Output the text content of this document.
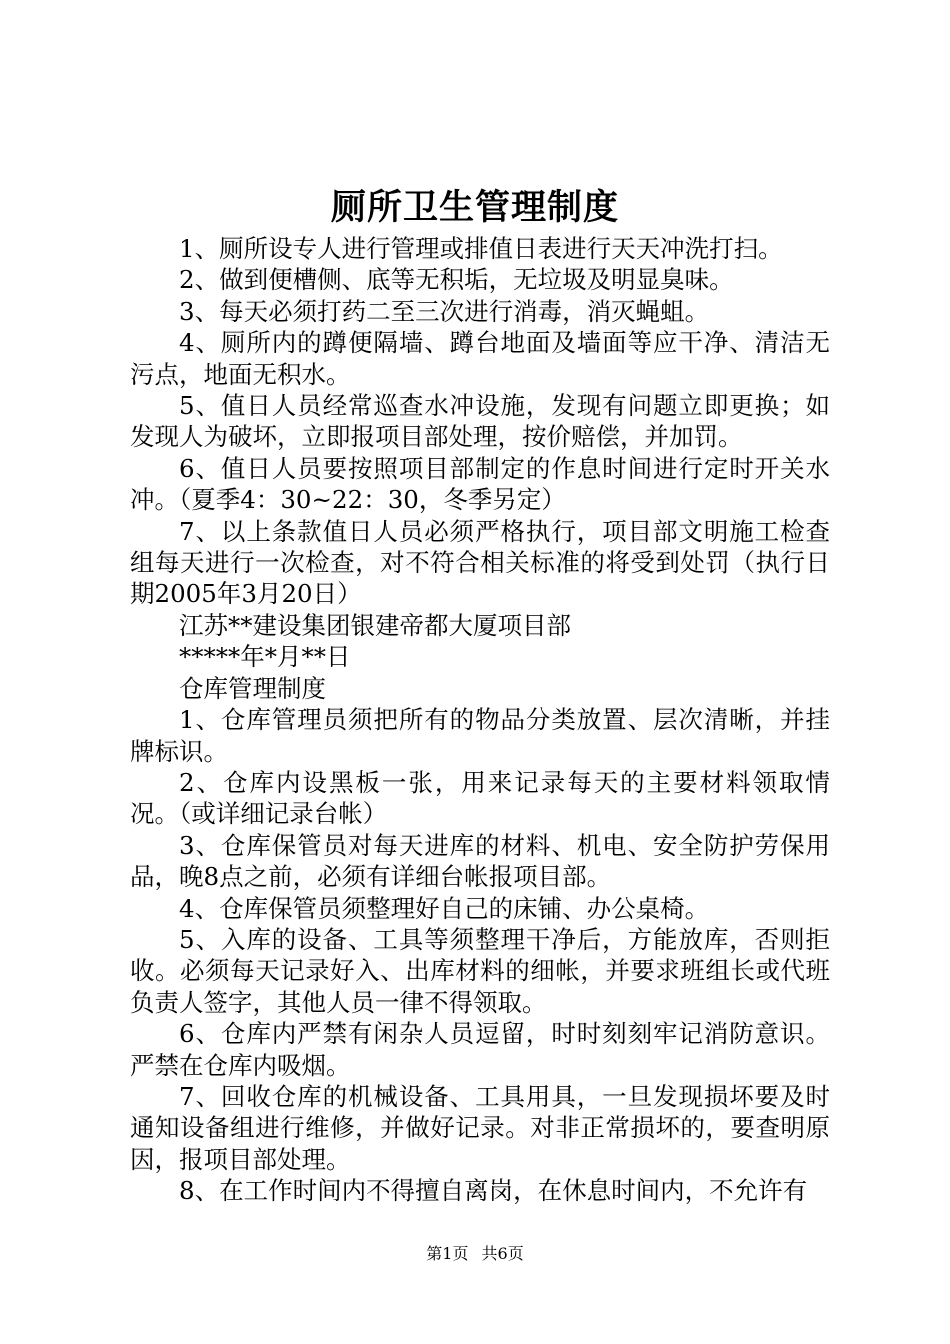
厕所卫生管理制度

1、厕所设专人进行管理或排值日表进行天天冲洗打扫。

2、做到便槽侧、底等无积垢，无垃圾及明显臭味。

3、每天必须打药二至三次进行消毒，消灭蝇蛆。

4、厕所内的蹲便隔墙、蹲台地面及墙面等应干净、清洁无污点，地面无积水。

5、值日人员经常巡查水冲设施，发现有问题立即更换；如发现人为破坏，立即报项目部处理，按价赔偿，并加罚。

6、值日人员要按照项目部制定的作息时间进行定时开关水冲。（夏季4：30~22：30，冬季另定）

7、以上条款值日人员必须严格执行，项目部文明施工检查组每天进行一次检查，对不符合相关标准的将受到处罚（执行日期2005年3月20日）

江苏**建设集团银建帝都大厦项目部

*****年*月**日

仓库管理制度

1、仓库管理员须把所有的物品分类放置、层次清晰，并挂牌标识。

2、仓库内设黑板一张，用来记录每天的主要材料领取情况。（或详细记录台帐）

3、仓库保管员对每天进库的材料、机电、安全防护劳保用品，晚8点之前，必须有详细台帐报项目部。

4、仓库保管员须整理好自己的床铺、办公桌椅。

5、入库的设备、工具等须整理干净后，方能放库，否则拒收。必须每天记录好入、出库材料的细帐，并要求班组长或代班负责人签字，其他人员一律不得领取。

6、仓库内严禁有闲杂人员逗留，时时刻刻牢记消防意识。严禁在仓库内吸烟。

7、回收仓库的机械设备、工具用具，一旦发现损坏要及时通知设备组进行维修，并做好记录。对非正常损坏的，要查明原因，报项目部处理。

8、在工作时间内不得擅自离岗，在休息时间内，不允许有

第1页 共6页
